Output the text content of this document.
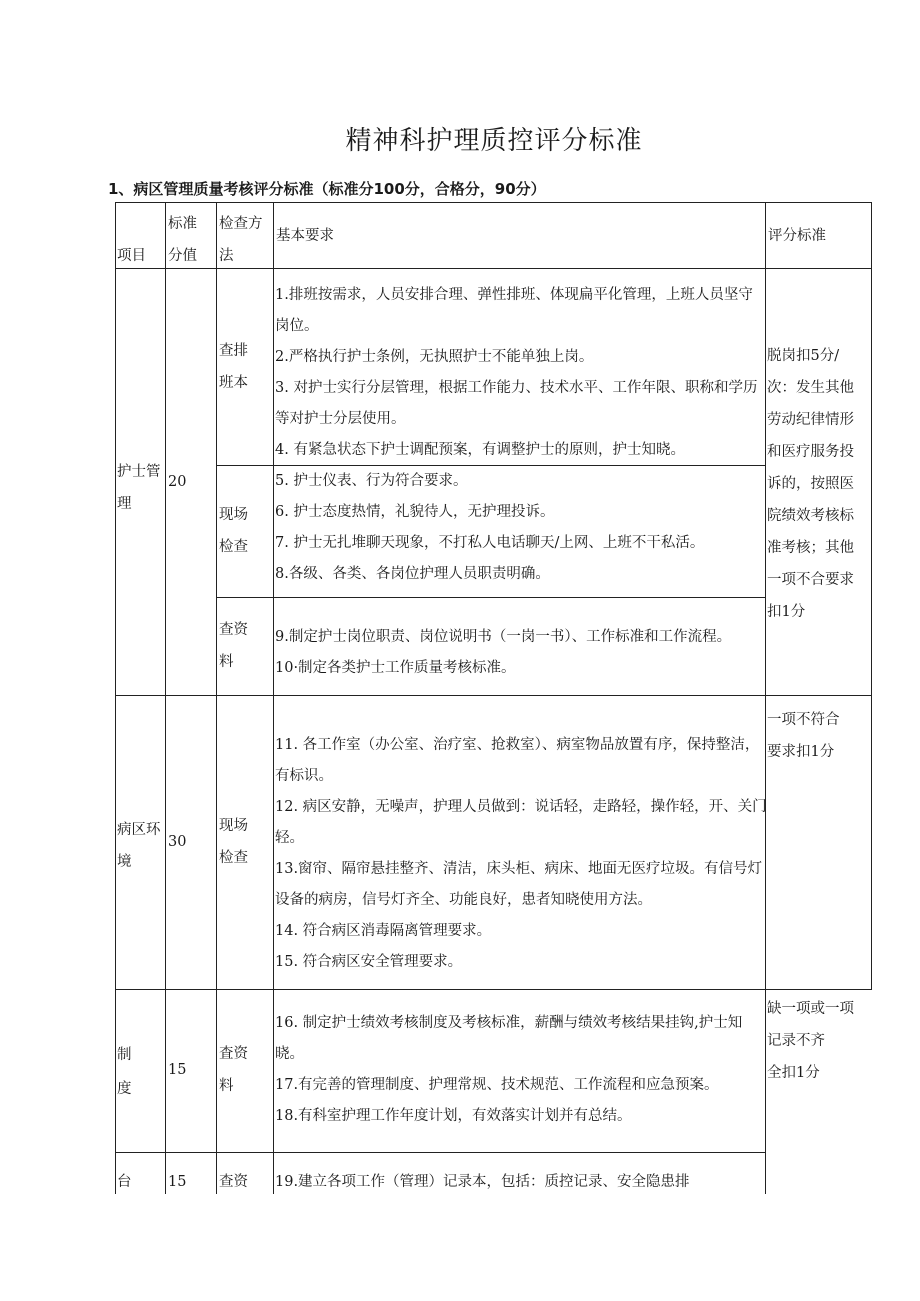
精神科护理质控评分标准
1、病区管理质量考核评分标准（标准分100分，合格分，90分）
项目
标准
分值
检查方
法
基本要求	评分标准
护士管
理
20
查排
班本
现场
检查
查资
料
1.排班按需求，人员安排合理、弹性排班、体现扁平化管理，上班人员坚守岗位。
2.严格执行护士条例，无执照护士不能单独上岗。
3. 对护士实行分层管理，根据工作能力、技术水平、工作年限、职称和学历等对护士分层使用。
4. 有紧急状态下护士调配预案，有调整护士的原则，护士知晓。
5. 护士仪表、行为符合要求。
6. 护士态度热情，礼貌待人，无护理投诉。
7. 护士无扎堆聊天现象，不打私人电话聊天/上网、上班不干私活。
8.各级、各类、各岗位护理人员职责明确。
9.制定护士岗位职责、岗位说明书（一岗一书）、工作标准和工作流程。
10·制定各类护士工作质量考核标准。
脱岗扣5分/
次：发生其他
劳动纪律情形
和医疗服务投
诉的，按照医
院绩效考核标
准考核；其他
一项不合要求
扣1分
病区环
境
30
现场
检查
11. 各工作室（办公室、治疗室、抢救室）、病室物品放置有序，保持整洁，有标识。
12. 病区安静，无噪声，护理人员做到：说话轻，走路轻，操作轻，开、关门轻。
13.窗帘、隔帘悬挂整齐、清洁，床头柜、病床、地面无医疗垃圾。有信号灯设备的病房，信号灯齐全、功能良好，患者知晓使用方法。
14. 符合病区消毒隔离管理要求。
15. 符合病区安全管理要求。
一项不符合
要求扣1分
制
度
15
査资
料
16. 制定护士绩效考核制度及考核标准，薪酬与绩效考核结果挂钩,护士知晓。
17.有完善的管理制度、护理常规、技术规范、工作流程和应急预案。
18.有科室护理工作年度计划，有效落实计划并有总结。
缺一项或一项
记录不齐
全扣1分
台	15 查资 19.建立各项工作（管理）记录本，包括：质控记录、安全隐患排
